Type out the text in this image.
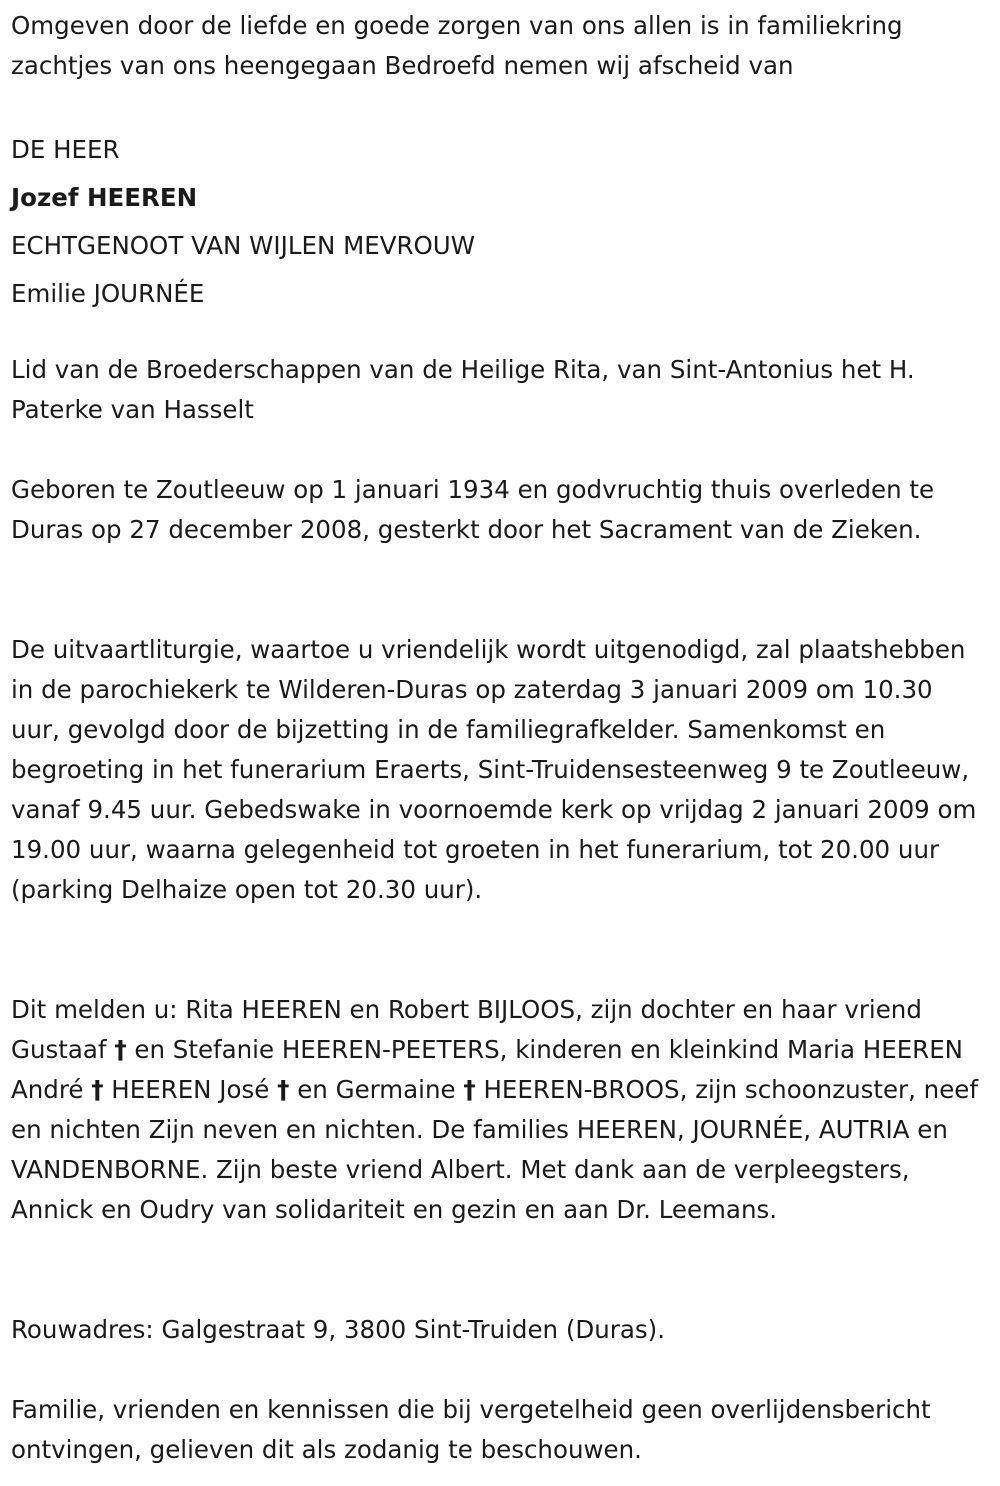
Omgeven door de liefde en goede zorgen van ons allen is in familiekring zachtjes van ons heengegaan Bedroefd nemen wij afscheid van

DE HEER
Jozef HEEREN
ECHTGENOOT VAN WIJLEN MEVROUW
Emilie JOURNÉE

Lid van de Broederschappen van de Heilige Rita, van Sint-Antonius het H. Paterke van Hasselt

Geboren te Zoutleeuw op 1 januari 1934 en godvruchtig thuis overleden te Duras op 27 december 2008, gesterkt door het Sacrament van de Zieken.

De uitvaartliturgie, waartoe u vriendelijk wordt uitgenodigd, zal plaatshebben in de parochiekerk te Wilderen-Duras op zaterdag 3 januari 2009 om 10.30 uur, gevolgd door de bijzetting in de familiegrafkelder. Samenkomst en begroeting in het funerarium Eraerts, Sint-Truidensesteenweg 9 te Zoutleeuw, vanaf 9.45 uur. Gebedswake in voornoemde kerk op vrijdag 2 januari 2009 om 19.00 uur, waarna gelegenheid tot groeten in het funerarium, tot 20.00 uur (parking Delhaize open tot 20.30 uur).

Dit melden u: Rita HEEREN en Robert BIJLOOS, zijn dochter en haar vriend Gustaaf † en Stefanie HEEREN-PEETERS, kinderen en kleinkind Maria HEEREN André † HEEREN José † en Germaine † HEEREN-BROOS, zijn schoonzuster, neef en nichten Zijn neven en nichten. De families HEEREN, JOURNÉE, AUTRIA en VANDENBORNE. Zijn beste vriend Albert. Met dank aan de verpleegsters, Annick en Oudry van solidariteit en gezin en aan Dr. Leemans.

Rouwadres: Galgestraat 9, 3800 Sint-Truiden (Duras).

Familie, vrienden en kennissen die bij vergetelheid geen overlijdensbericht ontvingen, gelieven dit als zodanig te beschouwen.
